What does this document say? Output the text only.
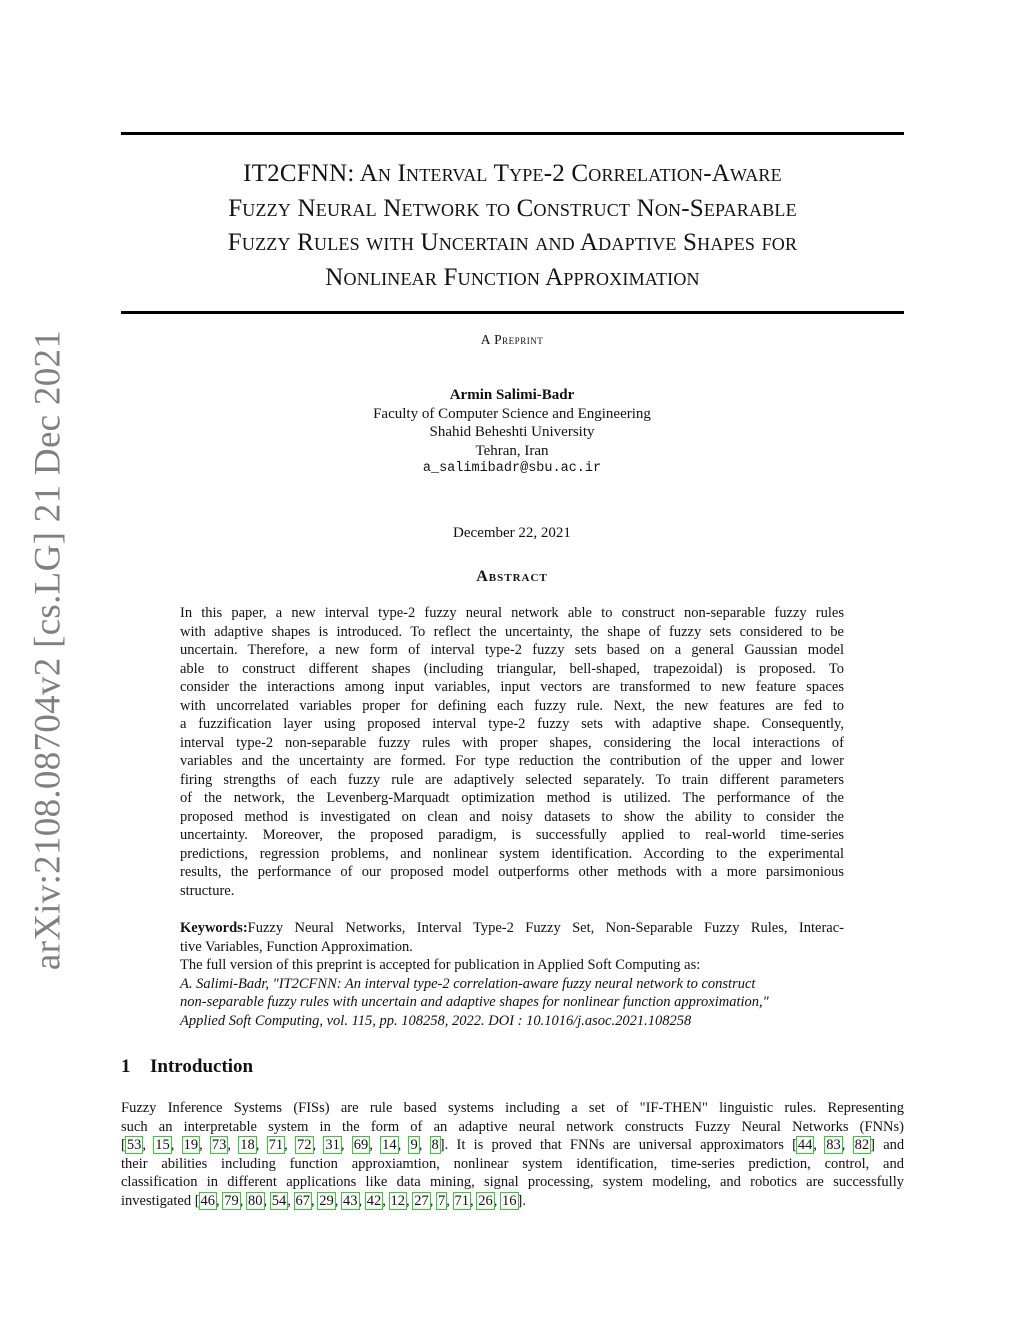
arXiv:2108.08704v2 [cs.LG] 21 Dec 2021
IT2CFNN: An Interval Type-2 Correlation-Aware
Fuzzy Neural Network to Construct Non-Separable
Fuzzy Rules with Uncertain and Adaptive Shapes for
Nonlinear Function Approximation
A Preprint
Armin Salimi-Badr
Faculty of Computer Science and Engineering
Shahid Beheshti University
Tehran, Iran
a_salimibadr@sbu.ac.ir
December 22, 2021
Abstract
In this paper, a new interval type-2 fuzzy neural network able to construct non-separable fuzzy rules
with adaptive shapes is introduced. To reflect the uncertainty, the shape of fuzzy sets considered to be
uncertain. Therefore, a new form of interval type-2 fuzzy sets based on a general Gaussian model
able to construct different shapes (including triangular, bell-shaped, trapezoidal) is proposed. To
consider the interactions among input variables, input vectors are transformed to new feature spaces
with uncorrelated variables proper for defining each fuzzy rule. Next, the new features are fed to
a fuzzification layer using proposed interval type-2 fuzzy sets with adaptive shape. Consequently,
interval type-2 non-separable fuzzy rules with proper shapes, considering the local interactions of
variables and the uncertainty are formed. For type reduction the contribution of the upper and lower
firing strengths of each fuzzy rule are adaptively selected separately. To train different parameters
of the network, the Levenberg-Marquadt optimization method is utilized. The performance of the
proposed method is investigated on clean and noisy datasets to show the ability to consider the
uncertainty. Moreover, the proposed paradigm, is successfully applied to real-world time-series
predictions, regression problems, and nonlinear system identification. According to the experimental
results, the performance of our proposed model outperforms other methods with a more parsimonious
structure.
Keywords:Fuzzy Neural Networks, Interval Type-2 Fuzzy Set, Non-Separable Fuzzy Rules, Interac-
tive Variables, Function Approximation.
The full version of this preprint is accepted for publication in Applied Soft Computing as:
A. Salimi-Badr, "IT2CFNN: An interval type-2 correlation-aware fuzzy neural network to construct
non-separable fuzzy rules with uncertain and adaptive shapes for nonlinear function approximation,"
Applied Soft Computing, vol. 115, pp. 108258, 2022. DOI : 10.1016/j.asoc.2021.108258
1 Introduction
Fuzzy Inference Systems (FISs) are rule based systems including a set of "IF-THEN" linguistic rules. Representing
such an interpretable system in the form of an adaptive neural network constructs Fuzzy Neural Networks (FNNs)
[53, 15, 19, 73, 18, 71, 72, 31, 69, 14, 9, 8]. It is proved that FNNs are universal approximators [44, 83, 82] and
their abilities including function approxiamtion, nonlinear system identification, time-series prediction, control, and
classification in different applications like data mining, signal processing, system modeling, and robotics are successfully
investigated [46, 79, 80, 54, 67, 29, 43, 42, 12, 27, 7, 71, 26, 16].
